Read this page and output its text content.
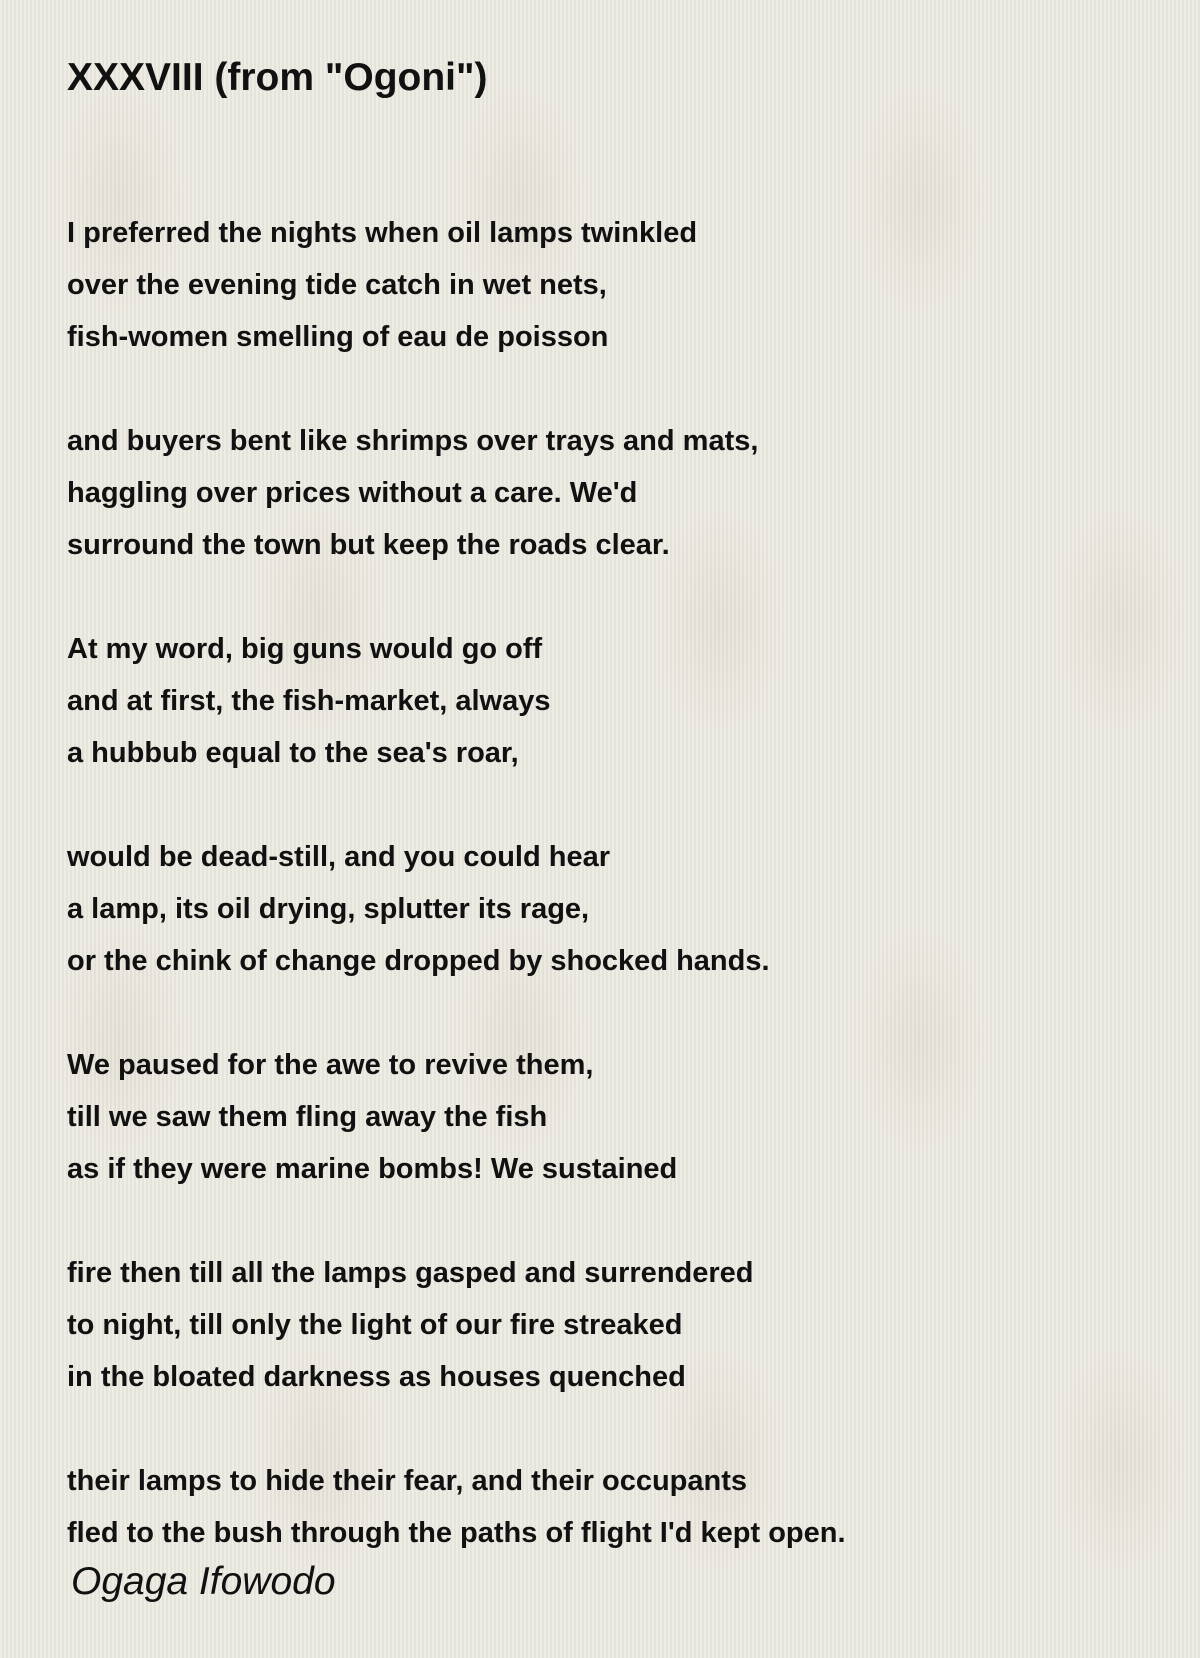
XXXVIII (from "Ogoni")
I preferred the nights when oil lamps twinkled
over the evening tide catch in wet nets,
fish-women smelling of eau de poisson
and buyers bent like shrimps over trays and mats,
haggling over prices without a care. We'd
surround the town but keep the roads clear.
At my word, big guns would go off
and at first, the fish-market, always
a hubbub equal to the sea's roar,
would be dead-still, and you could hear
a lamp, its oil drying, splutter its rage,
or the chink of change dropped by shocked hands.
We paused for the awe to revive them,
till we saw them fling away the fish
as if they were marine bombs! We sustained
fire then till all the lamps gasped and surrendered
to night, till only the light of our fire streaked
in the bloated darkness as houses quenched
their lamps to hide their fear, and their occupants
fled to the bush through the paths of flight I'd kept open.
Ogaga Ifowodo
